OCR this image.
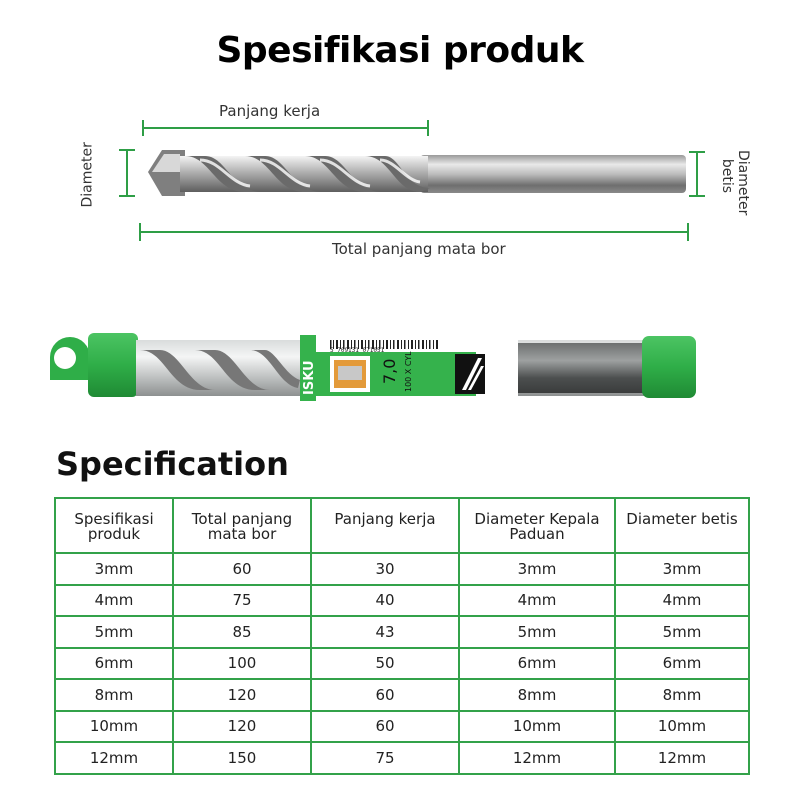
Spesifikasi produk
Panjang kerja
Total panjang mata bor
Diameter	Diameter betis
ISKU	7,0 100 X CYL
5 709131 071051
Specification
Spesifikasi produk	Total panjang mata bor	Panjang kerja	Diameter Kepala Paduan	Diameter betis
3mm	60	30	3mm	3mm
4mm	75	40	4mm	4mm
5mm	85	43	5mm	5mm
6mm	100	50	6mm	6mm
8mm	120	60	8mm	8mm
10mm	120	60	10mm	10mm
12mm	150	75	12mm	12mm
